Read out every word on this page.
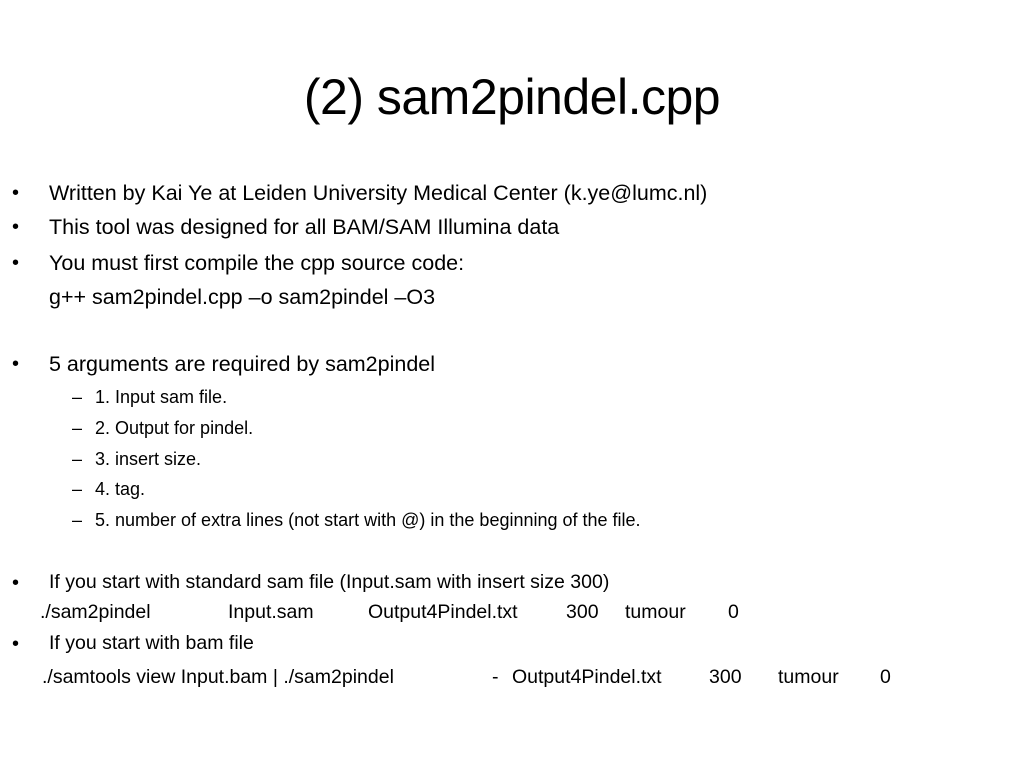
(2) sam2pindel.cpp
• Written by Kai Ye at Leiden University Medical Center (k.ye@lumc.nl)
• This tool was designed for all BAM/SAM Illumina data
• You must first compile the cpp source code:
g++ sam2pindel.cpp –o sam2pindel –O3
• 5 arguments are required by sam2pindel
– 1. Input sam file.
– 2. Output for pindel.
– 3. insert size.
– 4. tag.
– 5. number of extra lines (not start with @) in the beginning of the file.
• If you start with standard sam file (Input.sam with insert size 300)
./sam2pindel	Input.sam	Output4Pindel.txt 300 tumour 0
• If you start with bam file
./samtools view Input.bam | ./sam2pindel	- Output4Pindel.txt 300 tumour 0
